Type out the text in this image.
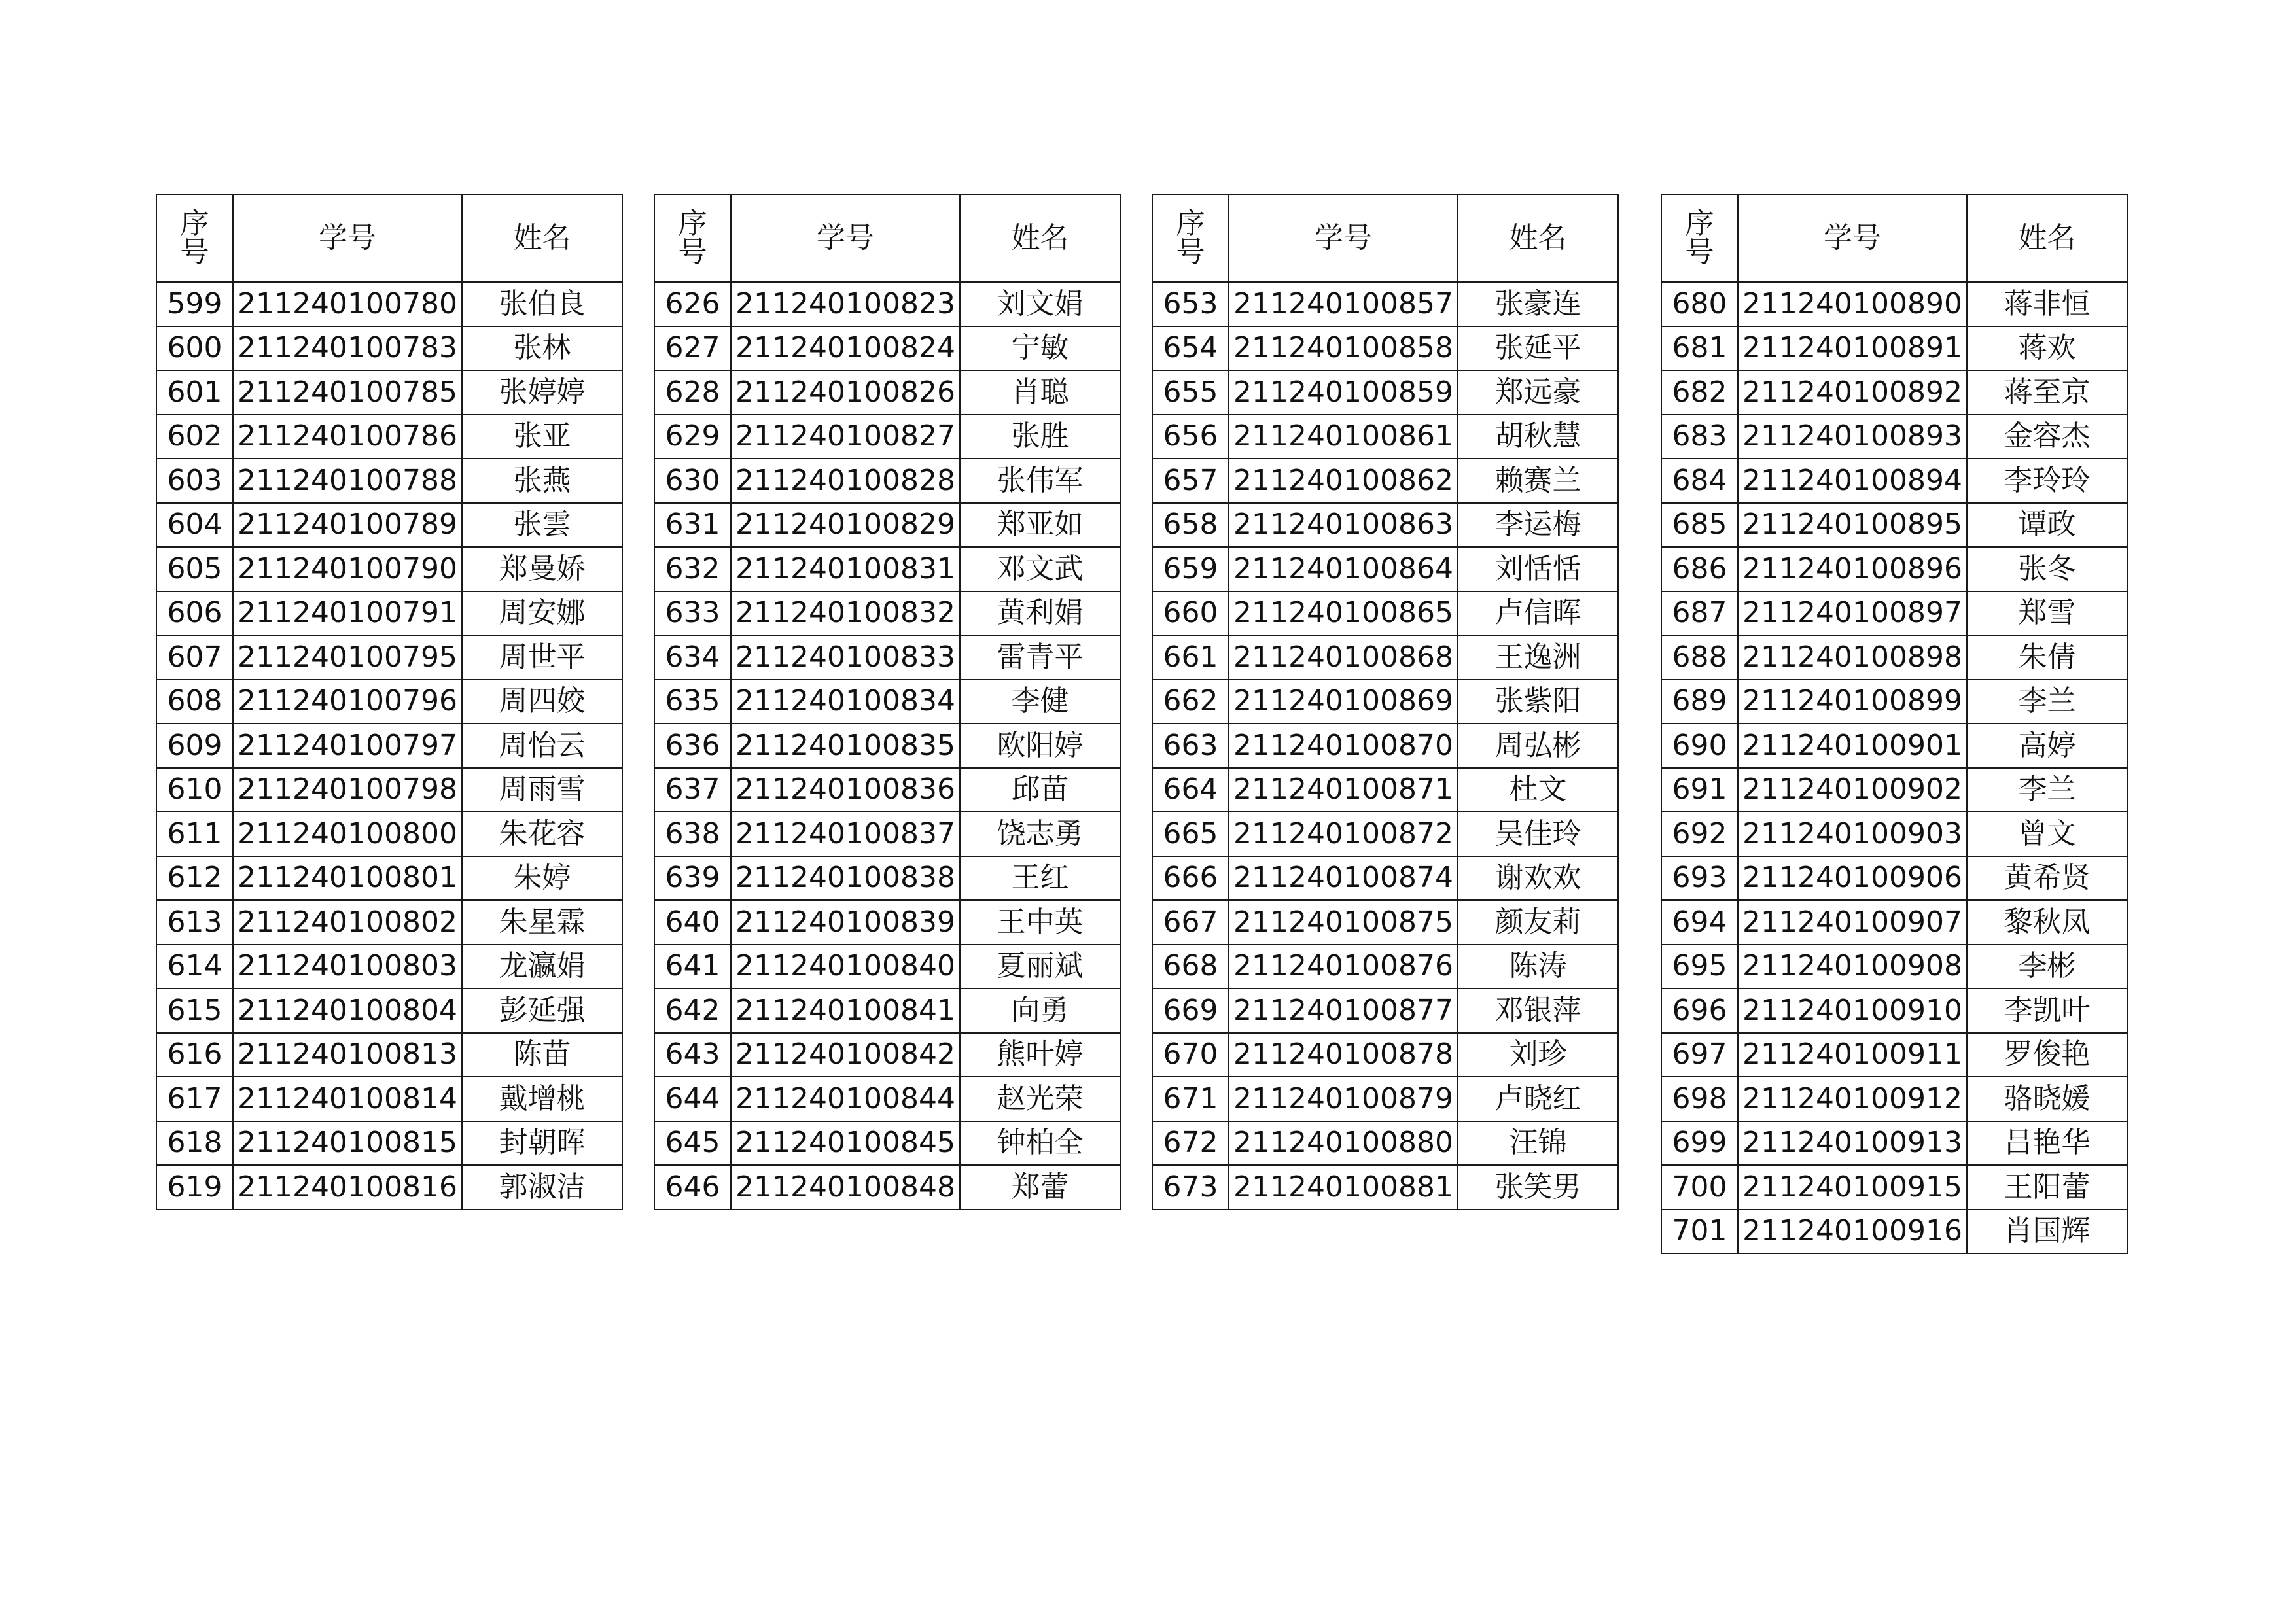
序
号	学号	姓名
599	211240100780	张伯良
600	211240100783	张林
601	211240100785	张婷婷
602	211240100786	张亚
603	211240100788	张燕
604	211240100789	张雲
605	211240100790	郑曼娇
606	211240100791	周安娜
607	211240100795	周世平
608	211240100796	周四姣
609	211240100797	周怡云
610	211240100798	周雨雪
611	211240100800	朱花容
612	211240100801	朱婷
613	211240100802	朱星霖
614	211240100803	龙瀛娟
615	211240100804	彭延强
616	211240100813	陈苗
617	211240100814	戴增桃
618	211240100815	封朝晖
619	211240100816	郭淑洁
序
号	学号	姓名
626	211240100823	刘文娟
627	211240100824	宁敏
628	211240100826	肖聪
629	211240100827	张胜
630	211240100828	张伟军
631	211240100829	郑亚如
632	211240100831	邓文武
633	211240100832	黄利娟
634	211240100833	雷青平
635	211240100834	李健
636	211240100835	欧阳婷
637	211240100836	邱苗
638	211240100837	饶志勇
639	211240100838	王红
640	211240100839	王中英
641	211240100840	夏丽斌
642	211240100841	向勇
643	211240100842	熊叶婷
644	211240100844	赵光荣
645	211240100845	钟柏全
646	211240100848	郑蕾
序
号	学号	姓名
653	211240100857	张豪连
654	211240100858	张延平
655	211240100859	郑远豪
656	211240100861	胡秋慧
657	211240100862	赖赛兰
658	211240100863	李运梅
659	211240100864	刘恬恬
660	211240100865	卢信晖
661	211240100868	王逸洲
662	211240100869	张紫阳
663	211240100870	周弘彬
664	211240100871	杜文
665	211240100872	吴佳玲
666	211240100874	谢欢欢
667	211240100875	颜友莉
668	211240100876	陈涛
669	211240100877	邓银萍
670	211240100878	刘珍
671	211240100879	卢晓红
672	211240100880	汪锦
673	211240100881	张笑男
序
号	学号	姓名
680	211240100890	蒋非恒
681	211240100891	蒋欢
682	211240100892	蒋至京
683	211240100893	金容杰
684	211240100894	李玲玲
685	211240100895	谭政
686	211240100896	张冬
687	211240100897	郑雪
688	211240100898	朱倩
689	211240100899	李兰
690	211240100901	高婷
691	211240100902	李兰
692	211240100903	曾文
693	211240100906	黄希贤
694	211240100907	黎秋凤
695	211240100908	李彬
696	211240100910	李凯叶
697	211240100911	罗俊艳
698	211240100912	骆晓媛
699	211240100913	吕艳华
700	211240100915	王阳蕾
701	211240100916	肖国辉
